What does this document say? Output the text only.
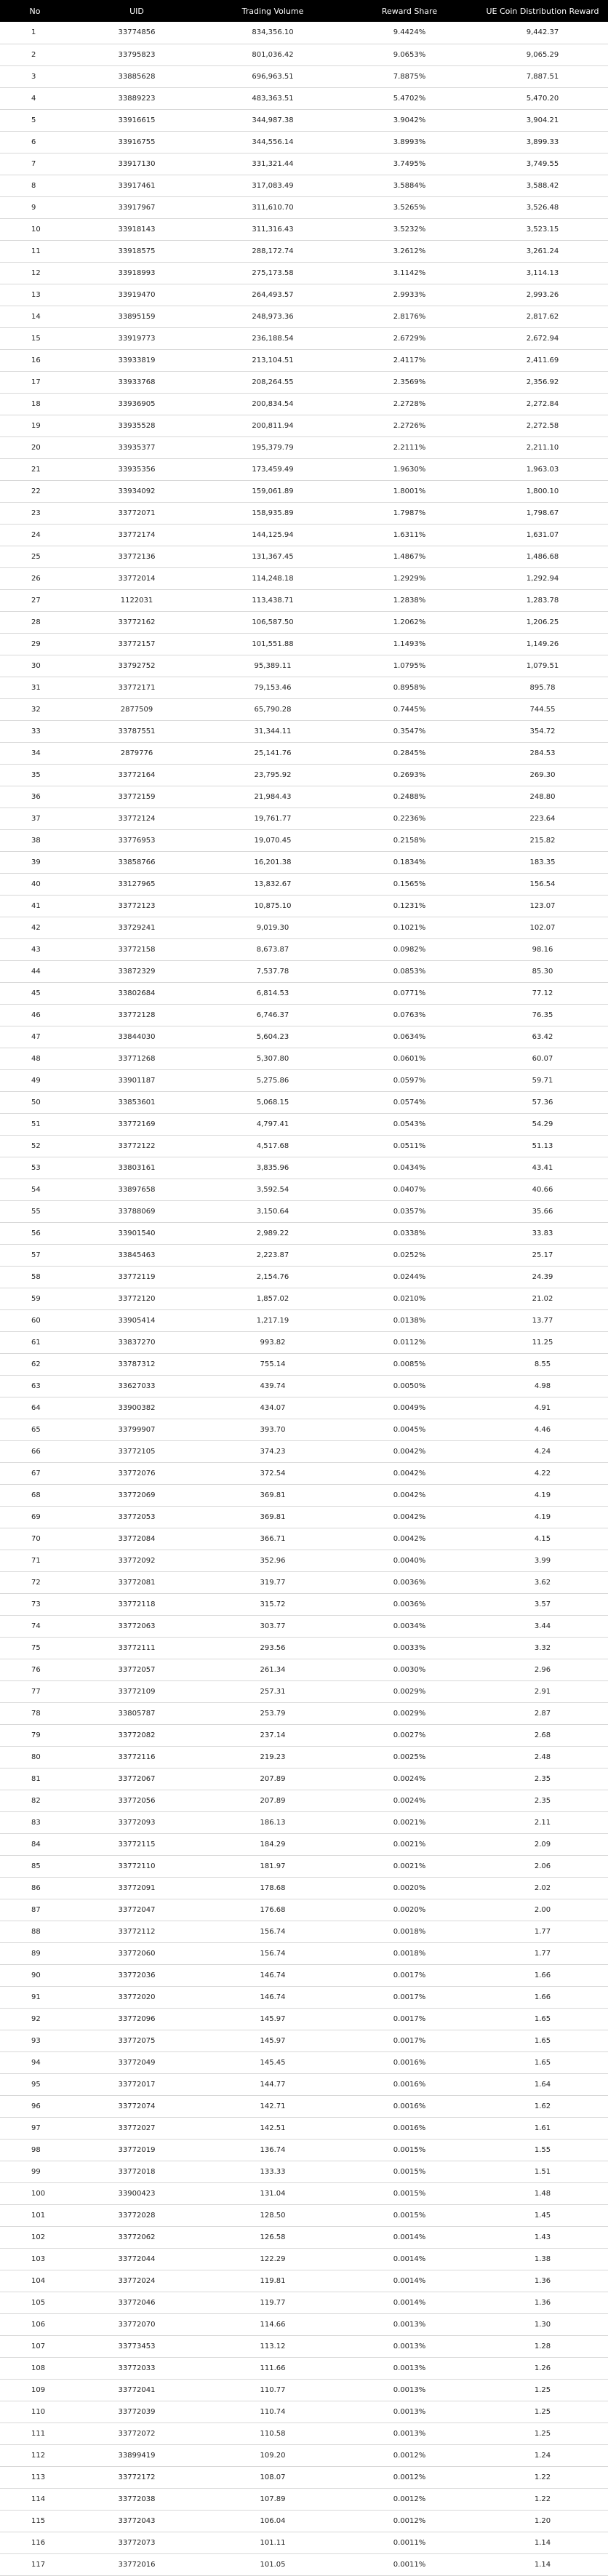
No	UID	Trading Volume	Reward Share	UE Coin Distribution Reward
1	33774856	834,356.10	9.4424%	9,442.37
2	33795823	801,036.42	9.0653%	9,065.29
3	33885628	696,963.51	7.8875%	7,887.51
4	33889223	483,363.51	5.4702%	5,470.20
5	33916615	344,987.38	3.9042%	3,904.21
6	33916755	344,556.14	3.8993%	3,899.33
7	33917130	331,321.44	3.7495%	3,749.55
8	33917461	317,083.49	3.5884%	3,588.42
9	33917967	311,610.70	3.5265%	3,526.48
10	33918143	311,316.43	3.5232%	3,523.15
11	33918575	288,172.74	3.2612%	3,261.24
12	33918993	275,173.58	3.1142%	3,114.13
13	33919470	264,493.57	2.9933%	2,993.26
14	33895159	248,973.36	2.8176%	2,817.62
15	33919773	236,188.54	2.6729%	2,672.94
16	33933819	213,104.51	2.4117%	2,411.69
17	33933768	208,264.55	2.3569%	2,356.92
18	33936905	200,834.54	2.2728%	2,272.84
19	33935528	200,811.94	2.2726%	2,272.58
20	33935377	195,379.79	2.2111%	2,211.10
21	33935356	173,459.49	1.9630%	1,963.03
22	33934092	159,061.89	1.8001%	1,800.10
23	33772071	158,935.89	1.7987%	1,798.67
24	33772174	144,125.94	1.6311%	1,631.07
25	33772136	131,367.45	1.4867%	1,486.68
26	33772014	114,248.18	1.2929%	1,292.94
27	1122031	113,438.71	1.2838%	1,283.78
28	33772162	106,587.50	1.2062%	1,206.25
29	33772157	101,551.88	1.1493%	1,149.26
30	33792752	95,389.11	1.0795%	1,079.51
31	33772171	79,153.46	0.8958%	895.78
32	2877509	65,790.28	0.7445%	744.55
33	33787551	31,344.11	0.3547%	354.72
34	2879776	25,141.76	0.2845%	284.53
35	33772164	23,795.92	0.2693%	269.30
36	33772159	21,984.43	0.2488%	248.80
37	33772124	19,761.77	0.2236%	223.64
38	33776953	19,070.45	0.2158%	215.82
39	33858766	16,201.38	0.1834%	183.35
40	33127965	13,832.67	0.1565%	156.54
41	33772123	10,875.10	0.1231%	123.07
42	33729241	9,019.30	0.1021%	102.07
43	33772158	8,673.87	0.0982%	98.16
44	33872329	7,537.78	0.0853%	85.30
45	33802684	6,814.53	0.0771%	77.12
46	33772128	6,746.37	0.0763%	76.35
47	33844030	5,604.23	0.0634%	63.42
48	33771268	5,307.80	0.0601%	60.07
49	33901187	5,275.86	0.0597%	59.71
50	33853601	5,068.15	0.0574%	57.36
51	33772169	4,797.41	0.0543%	54.29
52	33772122	4,517.68	0.0511%	51.13
53	33803161	3,835.96	0.0434%	43.41
54	33897658	3,592.54	0.0407%	40.66
55	33788069	3,150.64	0.0357%	35.66
56	33901540	2,989.22	0.0338%	33.83
57	33845463	2,223.87	0.0252%	25.17
58	33772119	2,154.76	0.0244%	24.39
59	33772120	1,857.02	0.0210%	21.02
60	33905414	1,217.19	0.0138%	13.77
61	33837270	993.82	0.0112%	11.25
62	33787312	755.14	0.0085%	8.55
63	33627033	439.74	0.0050%	4.98
64	33900382	434.07	0.0049%	4.91
65	33799907	393.70	0.0045%	4.46
66	33772105	374.23	0.0042%	4.24
67	33772076	372.54	0.0042%	4.22
68	33772069	369.81	0.0042%	4.19
69	33772053	369.81	0.0042%	4.19
70	33772084	366.71	0.0042%	4.15
71	33772092	352.96	0.0040%	3.99
72	33772081	319.77	0.0036%	3.62
73	33772118	315.72	0.0036%	3.57
74	33772063	303.77	0.0034%	3.44
75	33772111	293.56	0.0033%	3.32
76	33772057	261.34	0.0030%	2.96
77	33772109	257.31	0.0029%	2.91
78	33805787	253.79	0.0029%	2.87
79	33772082	237.14	0.0027%	2.68
80	33772116	219.23	0.0025%	2.48
81	33772067	207.89	0.0024%	2.35
82	33772056	207.89	0.0024%	2.35
83	33772093	186.13	0.0021%	2.11
84	33772115	184.29	0.0021%	2.09
85	33772110	181.97	0.0021%	2.06
86	33772091	178.68	0.0020%	2.02
87	33772047	176.68	0.0020%	2.00
88	33772112	156.74	0.0018%	1.77
89	33772060	156.74	0.0018%	1.77
90	33772036	146.74	0.0017%	1.66
91	33772020	146.74	0.0017%	1.66
92	33772096	145.97	0.0017%	1.65
93	33772075	145.97	0.0017%	1.65
94	33772049	145.45	0.0016%	1.65
95	33772017	144.77	0.0016%	1.64
96	33772074	142.71	0.0016%	1.62
97	33772027	142.51	0.0016%	1.61
98	33772019	136.74	0.0015%	1.55
99	33772018	133.33	0.0015%	1.51
100	33900423	131.04	0.0015%	1.48
101	33772028	128.50	0.0015%	1.45
102	33772062	126.58	0.0014%	1.43
103	33772044	122.29	0.0014%	1.38
104	33772024	119.81	0.0014%	1.36
105	33772046	119.77	0.0014%	1.36
106	33772070	114.66	0.0013%	1.30
107	33773453	113.12	0.0013%	1.28
108	33772033	111.66	0.0013%	1.26
109	33772041	110.77	0.0013%	1.25
110	33772039	110.74	0.0013%	1.25
111	33772072	110.58	0.0013%	1.25
112	33899419	109.20	0.0012%	1.24
113	33772172	108.07	0.0012%	1.22
114	33772038	107.89	0.0012%	1.22
115	33772043	106.04	0.0012%	1.20
116	33772073	101.11	0.0011%	1.14
117	33772016	101.05	0.0011%	1.14
